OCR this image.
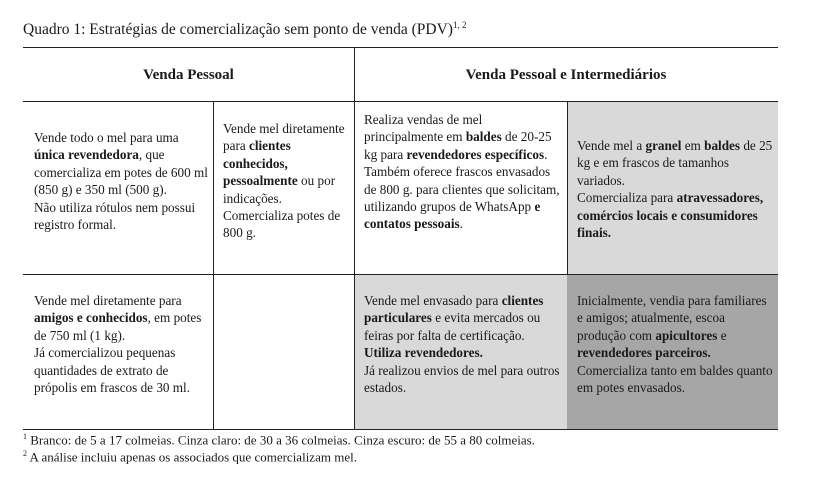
Quadro 1: Estratégias de comercialização sem ponto de venda (PDV)$^{1, 2}$
Venda Pessoal	Venda Pessoal e Intermediários
Vende todo o mel para uma única revendedora, que comercializa em potes de 600 ml (850 g) e 350 ml (500 g).
Não utiliza rótulos nem possui registro formal.
Vende mel diretamente para clientes conhecidos, pessoalmente ou por indicações.
Comercializa potes de 800 g.
Realiza vendas de mel principalmente em baldes de 20-25 kg para revendedores específicos.
Também oferece frascos envasados de 800 g. para clientes que solicitam, utilizando grupos de WhatsApp e contatos pessoais.
Vende mel a granel em baldes de 25 kg e em frascos de tamanhos variados.
Comercializa para atravessadores, comércios locais e consumidores finais.
Vende mel diretamente para amigos e conhecidos, em potes de 750 ml (1 kg).
Já comercializou pequenas quantidades de extrato de própolis em frascos de 30 ml.
Vende mel envasado para clientes particulares e evita mercados ou feiras por falta de certificação. Utiliza revendedores.
Já realizou envios de mel para outros estados.
Inicialmente, vendia para familiares e amigos; atualmente, escoa produção com apicultores e revendedores parceiros.
Comercializa tanto em baldes quanto em potes envasados.
$^1$ Branco: de 5 a 17 colmeias. Cinza claro: de 30 a 36 colmeias. Cinza escuro: de 55 a 80 colmeias.
$^2$ A análise incluiu apenas os associados que comercializam mel.
